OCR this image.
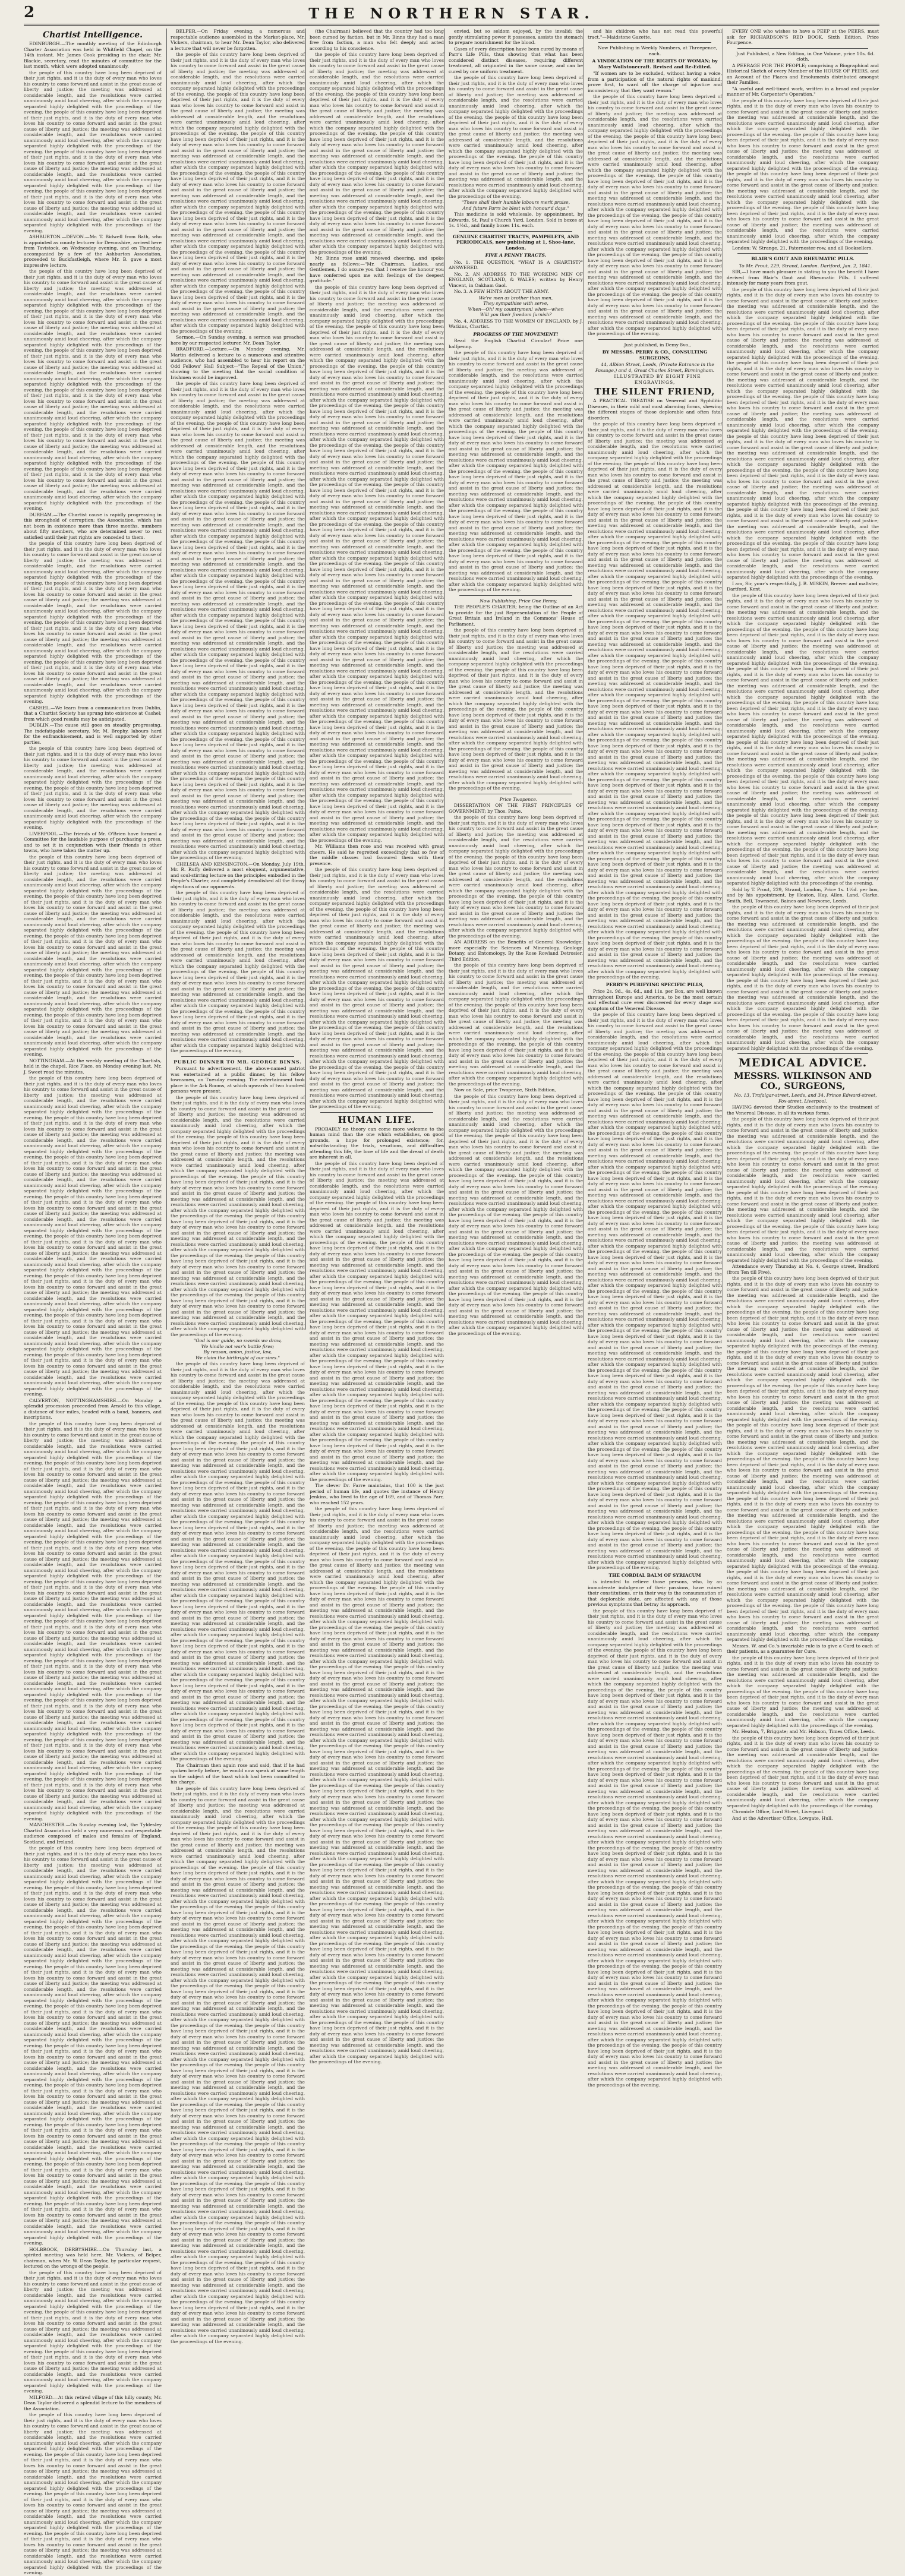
2	THE NORTHERN STAR.
Chartist Intelligence.

EDINBURGH.—The monthly meeting of the Edinburgh Charter Association was held in Whitfield Chapel, on the 14th instant. Mr. James Cook presiding in the chair. Mr. Blackie, secretary, read the minutes of committee for the last month, which were adopted unanimously.

the people of this country have long been deprived of their just rights, and it is the duty of every man who loves his country to come forward and assist in the great cause of liberty and justice; the meeting was addressed at considerable length, and the resolutions were carried unanimously amid loud cheering, after which the company separated highly delighted with the proceedings of the evening. the people of this country have long been deprived of their just rights, and it is the duty of every man who loves his country to come forward and assist in the great cause of liberty and justice; the meeting was addressed at considerable length, and the resolutions were carried unanimously amid loud cheering, after which the company separated highly delighted with the proceedings of the evening. the people of this country have long been deprived of their just rights, and it is the duty of every man who loves his country to come forward and assist in the great cause of liberty and justice; the meeting was addressed at considerable length, and the resolutions were carried unanimously amid loud cheering, after which the company separated highly delighted with the proceedings of the evening. the people of this country have long been deprived of their just rights, and it is the duty of every man who loves his country to come forward and assist in the great cause of liberty and justice; the meeting was addressed at considerable length, and the resolutions were carried unanimously amid loud cheering, after which the company separated highly delighted with the proceedings of the evening.

ASHBURTON.—DEVON.—Mr. T. Bidwell from Bath, who is appointed as county lecturer for Devonshire, arrived here from Tavistock, on Wednesday evening, and on Thursday, accompanied by a few of the Ashburton Association, proceeded to Buckfastleigh, where Mr. B. gave a most impressive lecture.

the people of this country have long been deprived of their just rights, and it is the duty of every man who loves his country to come forward and assist in the great cause of liberty and justice; the meeting was addressed at considerable length, and the resolutions were carried unanimously amid loud cheering, after which the company separated highly delighted with the proceedings of the evening. the people of this country have long been deprived of their just rights, and it is the duty of every man who loves his country to come forward and assist in the great cause of liberty and justice; the meeting was addressed at considerable length, and the resolutions were carried unanimously amid loud cheering, after which the company separated highly delighted with the proceedings of the evening. the people of this country have long been deprived of their just rights, and it is the duty of every man who loves his country to come forward and assist in the great cause of liberty and justice; the meeting was addressed at considerable length, and the resolutions were carried unanimously amid loud cheering, after which the company separated highly delighted with the proceedings of the evening. the people of this country have long been deprived of their just rights, and it is the duty of every man who loves his country to come forward and assist in the great cause of liberty and justice; the meeting was addressed at considerable length, and the resolutions were carried unanimously amid loud cheering, after which the company separated highly delighted with the proceedings of the evening. the people of this country have long been deprived of their just rights, and it is the duty of every man who loves his country to come forward and assist in the great cause of liberty and justice; the meeting was addressed at considerable length, and the resolutions were carried unanimously amid loud cheering, after which the company separated highly delighted with the proceedings of the evening. the people of this country have long been deprived of their just rights, and it is the duty of every man who loves his country to come forward and assist in the great cause of liberty and justice; the meeting was addressed at considerable length, and the resolutions were carried unanimously amid loud cheering, after which the company separated highly delighted with the proceedings of the evening.

DURHAM.—The Chartist cause is rapidly progressing in this stronghold of corruption; the Association, which has not been in existence more than three months, numbers about fifty members, who are determined never to rest satisfied until their just rights are conceded to them.

the people of this country have long been deprived of their just rights, and it is the duty of every man who loves his country to come forward and assist in the great cause of liberty and justice; the meeting was addressed at considerable length, and the resolutions were carried unanimously amid loud cheering, after which the company separated highly delighted with the proceedings of the evening. the people of this country have long been deprived of their just rights, and it is the duty of every man who loves his country to come forward and assist in the great cause of liberty and justice; the meeting was addressed at considerable length, and the resolutions were carried unanimously amid loud cheering, after which the company separated highly delighted with the proceedings of the evening. the people of this country have long been deprived of their just rights, and it is the duty of every man who loves his country to come forward and assist in the great cause of liberty and justice; the meeting was addressed at considerable length, and the resolutions were carried unanimously amid loud cheering, after which the company separated highly delighted with the proceedings of the evening. the people of this country have long been deprived of their just rights, and it is the duty of every man who loves his country to come forward and assist in the great cause of liberty and justice; the meeting was addressed at considerable length, and the resolutions were carried unanimously amid loud cheering, after which the company separated highly delighted with the proceedings of the evening.

CASHEL.—We learn from a communication from Dublin, that a Chartist Society has sprung into existence at Cashel; from which good results may be anticipated.

DUBLIN.—The cause still goes on steadily progressing. The indefatigable secretary, Mr. M. Brophy, labours hard for the enfranchisement, and is well supported by other parties.

the people of this country have long been deprived of their just rights, and it is the duty of every man who loves his country to come forward and assist in the great cause of liberty and justice; the meeting was addressed at considerable length, and the resolutions were carried unanimously amid loud cheering, after which the company separated highly delighted with the proceedings of the evening. the people of this country have long been deprived of their just rights, and it is the duty of every man who loves his country to come forward and assist in the great cause of liberty and justice; the meeting was addressed at considerable length, and the resolutions were carried unanimously amid loud cheering, after which the company separated highly delighted with the proceedings of the evening.

LIVERPOOL.—The friends of Mr. O'Brien have formed a Committee for the laudable purpose of purchasing a press, and to set it in conjunction with their friends in other towns, who have taken the matter up.

the people of this country have long been deprived of their just rights, and it is the duty of every man who loves his country to come forward and assist in the great cause of liberty and justice; the meeting was addressed at considerable length, and the resolutions were carried unanimously amid loud cheering, after which the company separated highly delighted with the proceedings of the evening. the people of this country have long been deprived of their just rights, and it is the duty of every man who loves his country to come forward and assist in the great cause of liberty and justice; the meeting was addressed at considerable length, and the resolutions were carried unanimously amid loud cheering, after which the company separated highly delighted with the proceedings of the evening. the people of this country have long been deprived of their just rights, and it is the duty of every man who loves his country to come forward and assist in the great cause of liberty and justice; the meeting was addressed at considerable length, and the resolutions were carried unanimously amid loud cheering, after which the company separated highly delighted with the proceedings of the evening. the people of this country have long been deprived of their just rights, and it is the duty of every man who loves his country to come forward and assist in the great cause of liberty and justice; the meeting was addressed at considerable length, and the resolutions were carried unanimously amid loud cheering, after which the company separated highly delighted with the proceedings of the evening. the people of this country have long been deprived of their just rights, and it is the duty of every man who loves his country to come forward and assist in the great cause of liberty and justice; the meeting was addressed at considerable length, and the resolutions were carried unanimously amid loud cheering, after which the company separated highly delighted with the proceedings of the evening.

NOTTINGHAM.—At the weekly meeting of the Chartists, held in the chapel, Rice Place, on Monday evening last, Mr. J. Sweet read the minutes.

the people of this country have long been deprived of their just rights, and it is the duty of every man who loves his country to come forward and assist in the great cause of liberty and justice; the meeting was addressed at considerable length, and the resolutions were carried unanimously amid loud cheering, after which the company separated highly delighted with the proceedings of the evening. the people of this country have long been deprived of their just rights, and it is the duty of every man who loves his country to come forward and assist in the great cause of liberty and justice; the meeting was addressed at considerable length, and the resolutions were carried unanimously amid loud cheering, after which the company separated highly delighted with the proceedings of the evening. the people of this country have long been deprived of their just rights, and it is the duty of every man who loves his country to come forward and assist in the great cause of liberty and justice; the meeting was addressed at considerable length, and the resolutions were carried unanimously amid loud cheering, after which the company separated highly delighted with the proceedings of the evening. the people of this country have long been deprived of their just rights, and it is the duty of every man who loves his country to come forward and assist in the great cause of liberty and justice; the meeting was addressed at considerable length, and the resolutions were carried unanimously amid loud cheering, after which the company separated highly delighted with the proceedings of the evening. the people of this country have long been deprived of their just rights, and it is the duty of every man who loves his country to come forward and assist in the great cause of liberty and justice; the meeting was addressed at considerable length, and the resolutions were carried unanimously amid loud cheering, after which the company separated highly delighted with the proceedings of the evening. the people of this country have long been deprived of their just rights, and it is the duty of every man who loves his country to come forward and assist in the great cause of liberty and justice; the meeting was addressed at considerable length, and the resolutions were carried unanimously amid loud cheering, after which the company separated highly delighted with the proceedings of the evening. the people of this country have long been deprived of their just rights, and it is the duty of every man who loves his country to come forward and assist in the great cause of liberty and justice; the meeting was addressed at considerable length, and the resolutions were carried unanimously amid loud cheering, after which the company separated highly delighted with the proceedings of the evening. the people of this country have long been deprived of their just rights, and it is the duty of every man who loves his country to come forward and assist in the great cause of liberty and justice; the meeting was addressed at considerable length, and the resolutions were carried unanimously amid loud cheering, after which the company separated highly delighted with the proceedings of the evening.

CALVERTON, NOTTINGHAMSHIRE.—On Monday a splendid procession proceeded from Arnold to this village, a distance of four miles, headed with a band, banners, and inscriptions.

the people of this country have long been deprived of their just rights, and it is the duty of every man who loves his country to come forward and assist in the great cause of liberty and justice; the meeting was addressed at considerable length, and the resolutions were carried unanimously amid loud cheering, after which the company separated highly delighted with the proceedings of the evening. the people of this country have long been deprived of their just rights, and it is the duty of every man who loves his country to come forward and assist in the great cause of liberty and justice; the meeting was addressed at considerable length, and the resolutions were carried unanimously amid loud cheering, after which the company separated highly delighted with the proceedings of the evening. the people of this country have long been deprived of their just rights, and it is the duty of every man who loves his country to come forward and assist in the great cause of liberty and justice; the meeting was addressed at considerable length, and the resolutions were carried unanimously amid loud cheering, after which the company separated highly delighted with the proceedings of the evening. the people of this country have long been deprived of their just rights, and it is the duty of every man who loves his country to come forward and assist in the great cause of liberty and justice; the meeting was addressed at considerable length, and the resolutions were carried unanimously amid loud cheering, after which the company separated highly delighted with the proceedings of the evening. the people of this country have long been deprived of their just rights, and it is the duty of every man who loves his country to come forward and assist in the great cause of liberty and justice; the meeting was addressed at considerable length, and the resolutions were carried unanimously amid loud cheering, after which the company separated highly delighted with the proceedings of the evening. the people of this country have long been deprived of their just rights, and it is the duty of every man who loves his country to come forward and assist in the great cause of liberty and justice; the meeting was addressed at considerable length, and the resolutions were carried unanimously amid loud cheering, after which the company separated highly delighted with the proceedings of the evening. the people of this country have long been deprived of their just rights, and it is the duty of every man who loves his country to come forward and assist in the great cause of liberty and justice; the meeting was addressed at considerable length, and the resolutions were carried unanimously amid loud cheering, after which the company separated highly delighted with the proceedings of the evening. the people of this country have long been deprived of their just rights, and it is the duty of every man who loves his country to come forward and assist in the great cause of liberty and justice; the meeting was addressed at considerable length, and the resolutions were carried unanimously amid loud cheering, after which the company separated highly delighted with the proceedings of the evening. the people of this country have long been deprived of their just rights, and it is the duty of every man who loves his country to come forward and assist in the great cause of liberty and justice; the meeting was addressed at considerable length, and the resolutions were carried unanimously amid loud cheering, after which the company separated highly delighted with the proceedings of the evening. the people of this country have long been deprived of their just rights, and it is the duty of every man who loves his country to come forward and assist in the great cause of liberty and justice; the meeting was addressed at considerable length, and the resolutions were carried unanimously amid loud cheering, after which the company separated highly delighted with the proceedings of the evening.

MANCHESTER.—On Sunday evening last, the Tyldesley Chartist Association held a very numerous and respectable audience composed of males and females of England, Scotland, and Ireland.

the people of this country have long been deprived of their just rights, and it is the duty of every man who loves his country to come forward and assist in the great cause of liberty and justice; the meeting was addressed at considerable length, and the resolutions were carried unanimously amid loud cheering, after which the company separated highly delighted with the proceedings of the evening. the people of this country have long been deprived of their just rights, and it is the duty of every man who loves his country to come forward and assist in the great cause of liberty and justice; the meeting was addressed at considerable length, and the resolutions were carried unanimously amid loud cheering, after which the company separated highly delighted with the proceedings of the evening. the people of this country have long been deprived of their just rights, and it is the duty of every man who loves his country to come forward and assist in the great cause of liberty and justice; the meeting was addressed at considerable length, and the resolutions were carried unanimously amid loud cheering, after which the company separated highly delighted with the proceedings of the evening. the people of this country have long been deprived of their just rights, and it is the duty of every man who loves his country to come forward and assist in the great cause of liberty and justice; the meeting was addressed at considerable length, and the resolutions were carried unanimously amid loud cheering, after which the company separated highly delighted with the proceedings of the evening. the people of this country have long been deprived of their just rights, and it is the duty of every man who loves his country to come forward and assist in the great cause of liberty and justice; the meeting was addressed at considerable length, and the resolutions were carried unanimously amid loud cheering, after which the company separated highly delighted with the proceedings of the evening. the people of this country have long been deprived of their just rights, and it is the duty of every man who loves his country to come forward and assist in the great cause of liberty and justice; the meeting was addressed at considerable length, and the resolutions were carried unanimously amid loud cheering, after which the company separated highly delighted with the proceedings of the evening. the people of this country have long been deprived of their just rights, and it is the duty of every man who loves his country to come forward and assist in the great cause of liberty and justice; the meeting was addressed at considerable length, and the resolutions were carried unanimously amid loud cheering, after which the company separated highly delighted with the proceedings of the evening. the people of this country have long been deprived of their just rights, and it is the duty of every man who loves his country to come forward and assist in the great cause of liberty and justice; the meeting was addressed at considerable length, and the resolutions were carried unanimously amid loud cheering, after which the company separated highly delighted with the proceedings of the evening. the people of this country have long been deprived of their just rights, and it is the duty of every man who loves his country to come forward and assist in the great cause of liberty and justice; the meeting was addressed at considerable length, and the resolutions were carried unanimously amid loud cheering, after which the company separated highly delighted with the proceedings of the evening. the people of this country have long been deprived of their just rights, and it is the duty of every man who loves his country to come forward and assist in the great cause of liberty and justice; the meeting was addressed at considerable length, and the resolutions were carried unanimously amid loud cheering, after which the company separated highly delighted with the proceedings of the evening.

HOLBROOK, DERBYSHIRE.—On Thursday last, a spirited meeting was held here, Mr. Vickers, of Belper, chairman, when Mr. W. Dean Taylor, by particular request, lectured on the wrongs of the people.

the people of this country have long been deprived of their just rights, and it is the duty of every man who loves his country to come forward and assist in the great cause of liberty and justice; the meeting was addressed at considerable length, and the resolutions were carried unanimously amid loud cheering, after which the company separated highly delighted with the proceedings of the evening. the people of this country have long been deprived of their just rights, and it is the duty of every man who loves his country to come forward and assist in the great cause of liberty and justice; the meeting was addressed at considerable length, and the resolutions were carried unanimously amid loud cheering, after which the company separated highly delighted with the proceedings of the evening. the people of this country have long been deprived of their just rights, and it is the duty of every man who loves his country to come forward and assist in the great cause of liberty and justice; the meeting was addressed at considerable length, and the resolutions were carried unanimously amid loud cheering, after which the company separated highly delighted with the proceedings of the evening.

MILFORD.—At this retired village of this hilly county, Mr. Dean Taylor delivered a splendid lecture to the members of the Association.

the people of this country have long been deprived of their just rights, and it is the duty of every man who loves his country to come forward and assist in the great cause of liberty and justice; the meeting was addressed at considerable length, and the resolutions were carried unanimously amid loud cheering, after which the company separated highly delighted with the proceedings of the evening. the people of this country have long been deprived of their just rights, and it is the duty of every man who loves his country to come forward and assist in the great cause of liberty and justice; the meeting was addressed at considerable length, and the resolutions were carried unanimously amid loud cheering, after which the company separated highly delighted with the proceedings of the evening. the people of this country have long been deprived of their just rights, and it is the duty of every man who loves his country to come forward and assist in the great cause of liberty and justice; the meeting was addressed at considerable length, and the resolutions were carried unanimously amid loud cheering, after which the company separated highly delighted with the proceedings of the evening. the people of this country have long been deprived of their just rights, and it is the duty of every man who loves his country to come forward and assist in the great cause of liberty and justice; the meeting was addressed at considerable length, and the resolutions were carried unanimously amid loud cheering, after which the company separated highly delighted with the proceedings of the evening.

BELPER.—On Friday evening, a numerous and respectable audience assembled in the Market-place, Mr. Vickers, chairman, to hear Mr. Dean Taylor, who delivered a lecture that will never be forgotten.

the people of this country have long been deprived of their just rights, and it is the duty of every man who loves his country to come forward and assist in the great cause of liberty and justice; the meeting was addressed at considerable length, and the resolutions were carried unanimously amid loud cheering, after which the company separated highly delighted with the proceedings of the evening. the people of this country have long been deprived of their just rights, and it is the duty of every man who loves his country to come forward and assist in the great cause of liberty and justice; the meeting was addressed at considerable length, and the resolutions were carried unanimously amid loud cheering, after which the company separated highly delighted with the proceedings of the evening. the people of this country have long been deprived of their just rights, and it is the duty of every man who loves his country to come forward and assist in the great cause of liberty and justice; the meeting was addressed at considerable length, and the resolutions were carried unanimously amid loud cheering, after which the company separated highly delighted with the proceedings of the evening. the people of this country have long been deprived of their just rights, and it is the duty of every man who loves his country to come forward and assist in the great cause of liberty and justice; the meeting was addressed at considerable length, and the resolutions were carried unanimously amid loud cheering, after which the company separated highly delighted with the proceedings of the evening. the people of this country have long been deprived of their just rights, and it is the duty of every man who loves his country to come forward and assist in the great cause of liberty and justice; the meeting was addressed at considerable length, and the resolutions were carried unanimously amid loud cheering, after which the company separated highly delighted with the proceedings of the evening. the people of this country have long been deprived of their just rights, and it is the duty of every man who loves his country to come forward and assist in the great cause of liberty and justice; the meeting was addressed at considerable length, and the resolutions were carried unanimously amid loud cheering, after which the company separated highly delighted with the proceedings of the evening. the people of this country have long been deprived of their just rights, and it is the duty of every man who loves his country to come forward and assist in the great cause of liberty and justice; the meeting was addressed at considerable length, and the resolutions were carried unanimously amid loud cheering, after which the company separated highly delighted with the proceedings of the evening.

Sermon.—On Sunday evening, a sermon was preached here by our respected lecturer, Mr. Dean Taylor.

BRADFORD.—Lecture.—On Monday evening, Mr. Martin delivered a lecture to a numerous and attentive audience, who had assembled to hear his report on the Odd Fellows' Hall Subject—"The Repeal of the Union," showing to the meeting that the social condition of Irishmen would be improved.

the people of this country have long been deprived of their just rights, and it is the duty of every man who loves his country to come forward and assist in the great cause of liberty and justice; the meeting was addressed at considerable length, and the resolutions were carried unanimously amid loud cheering, after which the company separated highly delighted with the proceedings of the evening. the people of this country have long been deprived of their just rights, and it is the duty of every man who loves his country to come forward and assist in the great cause of liberty and justice; the meeting was addressed at considerable length, and the resolutions were carried unanimously amid loud cheering, after which the company separated highly delighted with the proceedings of the evening. the people of this country have long been deprived of their just rights, and it is the duty of every man who loves his country to come forward and assist in the great cause of liberty and justice; the meeting was addressed at considerable length, and the resolutions were carried unanimously amid loud cheering, after which the company separated highly delighted with the proceedings of the evening. the people of this country have long been deprived of their just rights, and it is the duty of every man who loves his country to come forward and assist in the great cause of liberty and justice; the meeting was addressed at considerable length, and the resolutions were carried unanimously amid loud cheering, after which the company separated highly delighted with the proceedings of the evening. the people of this country have long been deprived of their just rights, and it is the duty of every man who loves his country to come forward and assist in the great cause of liberty and justice; the meeting was addressed at considerable length, and the resolutions were carried unanimously amid loud cheering, after which the company separated highly delighted with the proceedings of the evening. the people of this country have long been deprived of their just rights, and it is the duty of every man who loves his country to come forward and assist in the great cause of liberty and justice; the meeting was addressed at considerable length, and the resolutions were carried unanimously amid loud cheering, after which the company separated highly delighted with the proceedings of the evening. the people of this country have long been deprived of their just rights, and it is the duty of every man who loves his country to come forward and assist in the great cause of liberty and justice; the meeting was addressed at considerable length, and the resolutions were carried unanimously amid loud cheering, after which the company separated highly delighted with the proceedings of the evening. the people of this country have long been deprived of their just rights, and it is the duty of every man who loves his country to come forward and assist in the great cause of liberty and justice; the meeting was addressed at considerable length, and the resolutions were carried unanimously amid loud cheering, after which the company separated highly delighted with the proceedings of the evening. the people of this country have long been deprived of their just rights, and it is the duty of every man who loves his country to come forward and assist in the great cause of liberty and justice; the meeting was addressed at considerable length, and the resolutions were carried unanimously amid loud cheering, after which the company separated highly delighted with the proceedings of the evening. the people of this country have long been deprived of their just rights, and it is the duty of every man who loves his country to come forward and assist in the great cause of liberty and justice; the meeting was addressed at considerable length, and the resolutions were carried unanimously amid loud cheering, after which the company separated highly delighted with the proceedings of the evening. the people of this country have long been deprived of their just rights, and it is the duty of every man who loves his country to come forward and assist in the great cause of liberty and justice; the meeting was addressed at considerable length, and the resolutions were carried unanimously amid loud cheering, after which the company separated highly delighted with the proceedings of the evening. the people of this country have long been deprived of their just rights, and it is the duty of every man who loves his country to come forward and assist in the great cause of liberty and justice; the meeting was addressed at considerable length, and the resolutions were carried unanimously amid loud cheering, after which the company separated highly delighted with the proceedings of the evening.

CHELSEA AND KENSINGTON.—On Monday, July 19th, Mr. R. Ruffy delivered a most eloquent, argumentative, and soul-stirring lecture on the principles embodied in the People's Charter, and completely demolished all the flimsy objections of our opponents.

the people of this country have long been deprived of their just rights, and it is the duty of every man who loves his country to come forward and assist in the great cause of liberty and justice; the meeting was addressed at considerable length, and the resolutions were carried unanimously amid loud cheering, after which the company separated highly delighted with the proceedings of the evening. the people of this country have long been deprived of their just rights, and it is the duty of every man who loves his country to come forward and assist in the great cause of liberty and justice; the meeting was addressed at considerable length, and the resolutions were carried unanimously amid loud cheering, after which the company separated highly delighted with the proceedings of the evening. the people of this country have long been deprived of their just rights, and it is the duty of every man who loves his country to come forward and assist in the great cause of liberty and justice; the meeting was addressed at considerable length, and the resolutions were carried unanimously amid loud cheering, after which the company separated highly delighted with the proceedings of the evening. the people of this country have long been deprived of their just rights, and it is the duty of every man who loves his country to come forward and assist in the great cause of liberty and justice; the meeting was addressed at considerable length, and the resolutions were carried unanimously amid loud cheering, after which the company separated highly delighted with the proceedings of the evening.

PUBLIC DINNER TO MR. GEORGE BINNS.

Pursuant to advertisement, the above-named patriot was entertained at a public dinner, by his fellow townsmen, on Tuesday evening. The entertainment took place in the Ark Rooms, at which upwards of two hundred persons were present.

the people of this country have long been deprived of their just rights, and it is the duty of every man who loves his country to come forward and assist in the great cause of liberty and justice; the meeting was addressed at considerable length, and the resolutions were carried unanimously amid loud cheering, after which the company separated highly delighted with the proceedings of the evening. the people of this country have long been deprived of their just rights, and it is the duty of every man who loves his country to come forward and assist in the great cause of liberty and justice; the meeting was addressed at considerable length, and the resolutions were carried unanimously amid loud cheering, after which the company separated highly delighted with the proceedings of the evening. the people of this country have long been deprived of their just rights, and it is the duty of every man who loves his country to come forward and assist in the great cause of liberty and justice; the meeting was addressed at considerable length, and the resolutions were carried unanimously amid loud cheering, after which the company separated highly delighted with the proceedings of the evening. the people of this country have long been deprived of their just rights, and it is the duty of every man who loves his country to come forward and assist in the great cause of liberty and justice; the meeting was addressed at considerable length, and the resolutions were carried unanimously amid loud cheering, after which the company separated highly delighted with the proceedings of the evening. the people of this country have long been deprived of their just rights, and it is the duty of every man who loves his country to come forward and assist in the great cause of liberty and justice; the meeting was addressed at considerable length, and the resolutions were carried unanimously amid loud cheering, after which the company separated highly delighted with the proceedings of the evening. the people of this country have long been deprived of their just rights, and it is the duty of every man who loves his country to come forward and assist in the great cause of liberty and justice; the meeting was addressed at considerable length, and the resolutions were carried unanimously amid loud cheering, after which the company separated highly delighted with the proceedings of the evening.

"God is our guide, no swords we draw,
We kindle not war's battle fires;
By reason, union, justice, law,
We claim the birthright of our sires."

the people of this country have long been deprived of their just rights, and it is the duty of every man who loves his country to come forward and assist in the great cause of liberty and justice; the meeting was addressed at considerable length, and the resolutions were carried unanimously amid loud cheering, after which the company separated highly delighted with the proceedings of the evening. the people of this country have long been deprived of their just rights, and it is the duty of every man who loves his country to come forward and assist in the great cause of liberty and justice; the meeting was addressed at considerable length, and the resolutions were carried unanimously amid loud cheering, after which the company separated highly delighted with the proceedings of the evening. the people of this country have long been deprived of their just rights, and it is the duty of every man who loves his country to come forward and assist in the great cause of liberty and justice; the meeting was addressed at considerable length, and the resolutions were carried unanimously amid loud cheering, after which the company separated highly delighted with the proceedings of the evening. the people of this country have long been deprived of their just rights, and it is the duty of every man who loves his country to come forward and assist in the great cause of liberty and justice; the meeting was addressed at considerable length, and the resolutions were carried unanimously amid loud cheering, after which the company separated highly delighted with the proceedings of the evening. the people of this country have long been deprived of their just rights, and it is the duty of every man who loves his country to come forward and assist in the great cause of liberty and justice; the meeting was addressed at considerable length, and the resolutions were carried unanimously amid loud cheering, after which the company separated highly delighted with the proceedings of the evening. the people of this country have long been deprived of their just rights, and it is the duty of every man who loves his country to come forward and assist in the great cause of liberty and justice; the meeting was addressed at considerable length, and the resolutions were carried unanimously amid loud cheering, after which the company separated highly delighted with the proceedings of the evening. the people of this country have long been deprived of their just rights, and it is the duty of every man who loves his country to come forward and assist in the great cause of liberty and justice; the meeting was addressed at considerable length, and the resolutions were carried unanimously amid loud cheering, after which the company separated highly delighted with the proceedings of the evening. the people of this country have long been deprived of their just rights, and it is the duty of every man who loves his country to come forward and assist in the great cause of liberty and justice; the meeting was addressed at considerable length, and the resolutions were carried unanimously amid loud cheering, after which the company separated highly delighted with the proceedings of the evening. the people of this country have long been deprived of their just rights, and it is the duty of every man who loves his country to come forward and assist in the great cause of liberty and justice; the meeting was addressed at considerable length, and the resolutions were carried unanimously amid loud cheering, after which the company separated highly delighted with the proceedings of the evening. the people of this country have long been deprived of their just rights, and it is the duty of every man who loves his country to come forward and assist in the great cause of liberty and justice; the meeting was addressed at considerable length, and the resolutions were carried unanimously amid loud cheering, after which the company separated highly delighted with the proceedings of the evening.

The Chairman then again rose and said, that if he had spoken briefly before, he would now speak at some length on the subject of the toast which had been committed to his charge.

the people of this country have long been deprived of their just rights, and it is the duty of every man who loves his country to come forward and assist in the great cause of liberty and justice; the meeting was addressed at considerable length, and the resolutions were carried unanimously amid loud cheering, after which the company separated highly delighted with the proceedings of the evening. the people of this country have long been deprived of their just rights, and it is the duty of every man who loves his country to come forward and assist in the great cause of liberty and justice; the meeting was addressed at considerable length, and the resolutions were carried unanimously amid loud cheering, after which the company separated highly delighted with the proceedings of the evening. the people of this country have long been deprived of their just rights, and it is the duty of every man who loves his country to come forward and assist in the great cause of liberty and justice; the meeting was addressed at considerable length, and the resolutions were carried unanimously amid loud cheering, after which the company separated highly delighted with the proceedings of the evening. the people of this country have long been deprived of their just rights, and it is the duty of every man who loves his country to come forward and assist in the great cause of liberty and justice; the meeting was addressed at considerable length, and the resolutions were carried unanimously amid loud cheering, after which the company separated highly delighted with the proceedings of the evening. the people of this country have long been deprived of their just rights, and it is the duty of every man who loves his country to come forward and assist in the great cause of liberty and justice; the meeting was addressed at considerable length, and the resolutions were carried unanimously amid loud cheering, after which the company separated highly delighted with the proceedings of the evening. the people of this country have long been deprived of their just rights, and it is the duty of every man who loves his country to come forward and assist in the great cause of liberty and justice; the meeting was addressed at considerable length, and the resolutions were carried unanimously amid loud cheering, after which the company separated highly delighted with the proceedings of the evening. the people of this country have long been deprived of their just rights, and it is the duty of every man who loves his country to come forward and assist in the great cause of liberty and justice; the meeting was addressed at considerable length, and the resolutions were carried unanimously amid loud cheering, after which the company separated highly delighted with the proceedings of the evening. the people of this country have long been deprived of their just rights, and it is the duty of every man who loves his country to come forward and assist in the great cause of liberty and justice; the meeting was addressed at considerable length, and the resolutions were carried unanimously amid loud cheering, after which the company separated highly delighted with the proceedings of the evening. the people of this country have long been deprived of their just rights, and it is the duty of every man who loves his country to come forward and assist in the great cause of liberty and justice; the meeting was addressed at considerable length, and the resolutions were carried unanimously amid loud cheering, after which the company separated highly delighted with the proceedings of the evening. the people of this country have long been deprived of their just rights, and it is the duty of every man who loves his country to come forward and assist in the great cause of liberty and justice; the meeting was addressed at considerable length, and the resolutions were carried unanimously amid loud cheering, after which the company separated highly delighted with the proceedings of the evening. the people of this country have long been deprived of their just rights, and it is the duty of every man who loves his country to come forward and assist in the great cause of liberty and justice; the meeting was addressed at considerable length, and the resolutions were carried unanimously amid loud cheering, after which the company separated highly delighted with the proceedings of the evening. the people of this country have long been deprived of their just rights, and it is the duty of every man who loves his country to come forward and assist in the great cause of liberty and justice; the meeting was addressed at considerable length, and the resolutions were carried unanimously amid loud cheering, after which the company separated highly delighted with the proceedings of the evening. the people of this country have long been deprived of their just rights, and it is the duty of every man who loves his country to come forward and assist in the great cause of liberty and justice; the meeting was addressed at considerable length, and the resolutions were carried unanimously amid loud cheering, after which the company separated highly delighted with the proceedings of the evening. the people of this country have long been deprived of their just rights, and it is the duty of every man who loves his country to come forward and assist in the great cause of liberty and justice; the meeting was addressed at considerable length, and the resolutions were carried unanimously amid loud cheering, after which the company separated highly delighted with the proceedings of the evening.

(the Chairman) believed that the country had too long been cursed by faction, but in Mr. Binns they had a man free from faction, a man who felt deeply and acted according to his conscience.

the people of this country have long been deprived of their just rights, and it is the duty of every man who loves his country to come forward and assist in the great cause of liberty and justice; the meeting was addressed at considerable length, and the resolutions were carried unanimously amid loud cheering, after which the company separated highly delighted with the proceedings of the evening. the people of this country have long been deprived of their just rights, and it is the duty of every man who loves his country to come forward and assist in the great cause of liberty and justice; the meeting was addressed at considerable length, and the resolutions were carried unanimously amid loud cheering, after which the company separated highly delighted with the proceedings of the evening. the people of this country have long been deprived of their just rights, and it is the duty of every man who loves his country to come forward and assist in the great cause of liberty and justice; the meeting was addressed at considerable length, and the resolutions were carried unanimously amid loud cheering, after which the company separated highly delighted with the proceedings of the evening. the people of this country have long been deprived of their just rights, and it is the duty of every man who loves his country to come forward and assist in the great cause of liberty and justice; the meeting was addressed at considerable length, and the resolutions were carried unanimously amid loud cheering, after which the company separated highly delighted with the proceedings of the evening. the people of this country have long been deprived of their just rights, and it is the duty of every man who loves his country to come forward and assist in the great cause of liberty and justice; the meeting was addressed at considerable length, and the resolutions were carried unanimously amid loud cheering, after which the company separated highly delighted with the proceedings of the evening.

Mr. Binns rose amid renewed cheering, and spoke nearly as follows:—"Mr. Chairman, Ladies, and Gentlemen, I do assure you that I receive the honour you have conferred upon me with feelings of the deepest gratitude."

the people of this country have long been deprived of their just rights, and it is the duty of every man who loves his country to come forward and assist in the great cause of liberty and justice; the meeting was addressed at considerable length, and the resolutions were carried unanimously amid loud cheering, after which the company separated highly delighted with the proceedings of the evening. the people of this country have long been deprived of their just rights, and it is the duty of every man who loves his country to come forward and assist in the great cause of liberty and justice; the meeting was addressed at considerable length, and the resolutions were carried unanimously amid loud cheering, after which the company separated highly delighted with the proceedings of the evening. the people of this country have long been deprived of their just rights, and it is the duty of every man who loves his country to come forward and assist in the great cause of liberty and justice; the meeting was addressed at considerable length, and the resolutions were carried unanimously amid loud cheering, after which the company separated highly delighted with the proceedings of the evening. the people of this country have long been deprived of their just rights, and it is the duty of every man who loves his country to come forward and assist in the great cause of liberty and justice; the meeting was addressed at considerable length, and the resolutions were carried unanimously amid loud cheering, after which the company separated highly delighted with the proceedings of the evening. the people of this country have long been deprived of their just rights, and it is the duty of every man who loves his country to come forward and assist in the great cause of liberty and justice; the meeting was addressed at considerable length, and the resolutions were carried unanimously amid loud cheering, after which the company separated highly delighted with the proceedings of the evening. the people of this country have long been deprived of their just rights, and it is the duty of every man who loves his country to come forward and assist in the great cause of liberty and justice; the meeting was addressed at considerable length, and the resolutions were carried unanimously amid loud cheering, after which the company separated highly delighted with the proceedings of the evening. the people of this country have long been deprived of their just rights, and it is the duty of every man who loves his country to come forward and assist in the great cause of liberty and justice; the meeting was addressed at considerable length, and the resolutions were carried unanimously amid loud cheering, after which the company separated highly delighted with the proceedings of the evening. the people of this country have long been deprived of their just rights, and it is the duty of every man who loves his country to come forward and assist in the great cause of liberty and justice; the meeting was addressed at considerable length, and the resolutions were carried unanimously amid loud cheering, after which the company separated highly delighted with the proceedings of the evening. the people of this country have long been deprived of their just rights, and it is the duty of every man who loves his country to come forward and assist in the great cause of liberty and justice; the meeting was addressed at considerable length, and the resolutions were carried unanimously amid loud cheering, after which the company separated highly delighted with the proceedings of the evening. the people of this country have long been deprived of their just rights, and it is the duty of every man who loves his country to come forward and assist in the great cause of liberty and justice; the meeting was addressed at considerable length, and the resolutions were carried unanimously amid loud cheering, after which the company separated highly delighted with the proceedings of the evening. the people of this country have long been deprived of their just rights, and it is the duty of every man who loves his country to come forward and assist in the great cause of liberty and justice; the meeting was addressed at considerable length, and the resolutions were carried unanimously amid loud cheering, after which the company separated highly delighted with the proceedings of the evening. the people of this country have long been deprived of their just rights, and it is the duty of every man who loves his country to come forward and assist in the great cause of liberty and justice; the meeting was addressed at considerable length, and the resolutions were carried unanimously amid loud cheering, after which the company separated highly delighted with the proceedings of the evening. the people of this country have long been deprived of their just rights, and it is the duty of every man who loves his country to come forward and assist in the great cause of liberty and justice; the meeting was addressed at considerable length, and the resolutions were carried unanimously amid loud cheering, after which the company separated highly delighted with the proceedings of the evening. the people of this country have long been deprived of their just rights, and it is the duty of every man who loves his country to come forward and assist in the great cause of liberty and justice; the meeting was addressed at considerable length, and the resolutions were carried unanimously amid loud cheering, after which the company separated highly delighted with the proceedings of the evening.

Mr. Williams then rose and was received with great cheers. He said he regretted exceedingly that so few of the middle classes had favoured them with their presence.

the people of this country have long been deprived of their just rights, and it is the duty of every man who loves his country to come forward and assist in the great cause of liberty and justice; the meeting was addressed at considerable length, and the resolutions were carried unanimously amid loud cheering, after which the company separated highly delighted with the proceedings of the evening. the people of this country have long been deprived of their just rights, and it is the duty of every man who loves his country to come forward and assist in the great cause of liberty and justice; the meeting was addressed at considerable length, and the resolutions were carried unanimously amid loud cheering, after which the company separated highly delighted with the proceedings of the evening. the people of this country have long been deprived of their just rights, and it is the duty of every man who loves his country to come forward and assist in the great cause of liberty and justice; the meeting was addressed at considerable length, and the resolutions were carried unanimously amid loud cheering, after which the company separated highly delighted with the proceedings of the evening. the people of this country have long been deprived of their just rights, and it is the duty of every man who loves his country to come forward and assist in the great cause of liberty and justice; the meeting was addressed at considerable length, and the resolutions were carried unanimously amid loud cheering, after which the company separated highly delighted with the proceedings of the evening. the people of this country have long been deprived of their just rights, and it is the duty of every man who loves his country to come forward and assist in the great cause of liberty and justice; the meeting was addressed at considerable length, and the resolutions were carried unanimously amid loud cheering, after which the company separated highly delighted with the proceedings of the evening. the people of this country have long been deprived of their just rights, and it is the duty of every man who loves his country to come forward and assist in the great cause of liberty and justice; the meeting was addressed at considerable length, and the resolutions were carried unanimously amid loud cheering, after which the company separated highly delighted with the proceedings of the evening.

HUMAN LIFE.

PROBABLY no theory can come more welcome to the human mind than the one which establishes, on good grounds, a hope for prolonged existence; for, notwithstanding the trials, vexations, and difficulties attending this life, the love of life and the dread of death are inherent in all.

the people of this country have long been deprived of their just rights, and it is the duty of every man who loves his country to come forward and assist in the great cause of liberty and justice; the meeting was addressed at considerable length, and the resolutions were carried unanimously amid loud cheering, after which the company separated highly delighted with the proceedings of the evening. the people of this country have long been deprived of their just rights, and it is the duty of every man who loves his country to come forward and assist in the great cause of liberty and justice; the meeting was addressed at considerable length, and the resolutions were carried unanimously amid loud cheering, after which the company separated highly delighted with the proceedings of the evening. the people of this country have long been deprived of their just rights, and it is the duty of every man who loves his country to come forward and assist in the great cause of liberty and justice; the meeting was addressed at considerable length, and the resolutions were carried unanimously amid loud cheering, after which the company separated highly delighted with the proceedings of the evening. the people of this country have long been deprived of their just rights, and it is the duty of every man who loves his country to come forward and assist in the great cause of liberty and justice; the meeting was addressed at considerable length, and the resolutions were carried unanimously amid loud cheering, after which the company separated highly delighted with the proceedings of the evening. the people of this country have long been deprived of their just rights, and it is the duty of every man who loves his country to come forward and assist in the great cause of liberty and justice; the meeting was addressed at considerable length, and the resolutions were carried unanimously amid loud cheering, after which the company separated highly delighted with the proceedings of the evening. the people of this country have long been deprived of their just rights, and it is the duty of every man who loves his country to come forward and assist in the great cause of liberty and justice; the meeting was addressed at considerable length, and the resolutions were carried unanimously amid loud cheering, after which the company separated highly delighted with the proceedings of the evening. the people of this country have long been deprived of their just rights, and it is the duty of every man who loves his country to come forward and assist in the great cause of liberty and justice; the meeting was addressed at considerable length, and the resolutions were carried unanimously amid loud cheering, after which the company separated highly delighted with the proceedings of the evening. the people of this country have long been deprived of their just rights, and it is the duty of every man who loves his country to come forward and assist in the great cause of liberty and justice; the meeting was addressed at considerable length, and the resolutions were carried unanimously amid loud cheering, after which the company separated highly delighted with the proceedings of the evening.

The clever Dr. Farre maintains, that 100 is the just period of human life, and quotes the instance of Henry Jenkins, who lived to the age of 169, and of Thomas Parr, who reached 152 years.

the people of this country have long been deprived of their just rights, and it is the duty of every man who loves his country to come forward and assist in the great cause of liberty and justice; the meeting was addressed at considerable length, and the resolutions were carried unanimously amid loud cheering, after which the company separated highly delighted with the proceedings of the evening. the people of this country have long been deprived of their just rights, and it is the duty of every man who loves his country to come forward and assist in the great cause of liberty and justice; the meeting was addressed at considerable length, and the resolutions were carried unanimously amid loud cheering, after which the company separated highly delighted with the proceedings of the evening. the people of this country have long been deprived of their just rights, and it is the duty of every man who loves his country to come forward and assist in the great cause of liberty and justice; the meeting was addressed at considerable length, and the resolutions were carried unanimously amid loud cheering, after which the company separated highly delighted with the proceedings of the evening. the people of this country have long been deprived of their just rights, and it is the duty of every man who loves his country to come forward and assist in the great cause of liberty and justice; the meeting was addressed at considerable length, and the resolutions were carried unanimously amid loud cheering, after which the company separated highly delighted with the proceedings of the evening. the people of this country have long been deprived of their just rights, and it is the duty of every man who loves his country to come forward and assist in the great cause of liberty and justice; the meeting was addressed at considerable length, and the resolutions were carried unanimously amid loud cheering, after which the company separated highly delighted with the proceedings of the evening. the people of this country have long been deprived of their just rights, and it is the duty of every man who loves his country to come forward and assist in the great cause of liberty and justice; the meeting was addressed at considerable length, and the resolutions were carried unanimously amid loud cheering, after which the company separated highly delighted with the proceedings of the evening. the people of this country have long been deprived of their just rights, and it is the duty of every man who loves his country to come forward and assist in the great cause of liberty and justice; the meeting was addressed at considerable length, and the resolutions were carried unanimously amid loud cheering, after which the company separated highly delighted with the proceedings of the evening. the people of this country have long been deprived of their just rights, and it is the duty of every man who loves his country to come forward and assist in the great cause of liberty and justice; the meeting was addressed at considerable length, and the resolutions were carried unanimously amid loud cheering, after which the company separated highly delighted with the proceedings of the evening. the people of this country have long been deprived of their just rights, and it is the duty of every man who loves his country to come forward and assist in the great cause of liberty and justice; the meeting was addressed at considerable length, and the resolutions were carried unanimously amid loud cheering, after which the company separated highly delighted with the proceedings of the evening. the people of this country have long been deprived of their just rights, and it is the duty of every man who loves his country to come forward and assist in the great cause of liberty and justice; the meeting was addressed at considerable length, and the resolutions were carried unanimously amid loud cheering, after which the company separated highly delighted with the proceedings of the evening. the people of this country have long been deprived of their just rights, and it is the duty of every man who loves his country to come forward and assist in the great cause of liberty and justice; the meeting was addressed at considerable length, and the resolutions were carried unanimously amid loud cheering, after which the company separated highly delighted with the proceedings of the evening. the people of this country have long been deprived of their just rights, and it is the duty of every man who loves his country to come forward and assist in the great cause of liberty and justice; the meeting was addressed at considerable length, and the resolutions were carried unanimously amid loud cheering, after which the company separated highly delighted with the proceedings of the evening. the people of this country have long been deprived of their just rights, and it is the duty of every man who loves his country to come forward and assist in the great cause of liberty and justice; the meeting was addressed at considerable length, and the resolutions were carried unanimously amid loud cheering, after which the company separated highly delighted with the proceedings of the evening. the people of this country have long been deprived of their just rights, and it is the duty of every man who loves his country to come forward and assist in the great cause of liberty and justice; the meeting was addressed at considerable length, and the resolutions were carried unanimously amid loud cheering, after which the company separated highly delighted with the proceedings of the evening.

envied, but so seldom enjoyed, by the invalid; the gently stimulating power it possesses, assists the stomach to prepare nourishment for the blood.

Cases of every description have been cured by means of Parr's Life Pills, thus showing that what has been considered distinct diseases, requiring different treatment, all originated in the same cause, and can be cured by one uniform treatment.

the people of this country have long been deprived of their just rights, and it is the duty of every man who loves his country to come forward and assist in the great cause of liberty and justice; the meeting was addressed at considerable length, and the resolutions were carried unanimously amid loud cheering, after which the company separated highly delighted with the proceedings of the evening. the people of this country have long been deprived of their just rights, and it is the duty of every man who loves his country to come forward and assist in the great cause of liberty and justice; the meeting was addressed at considerable length, and the resolutions were carried unanimously amid loud cheering, after which the company separated highly delighted with the proceedings of the evening. the people of this country have long been deprived of their just rights, and it is the duty of every man who loves his country to come forward and assist in the great cause of liberty and justice; the meeting was addressed at considerable length, and the resolutions were carried unanimously amid loud cheering, after which the company separated highly delighted with the proceedings of the evening.

"These shall their humble labours merit praise,
And future Parrs be blest with honour'd days."

This medicine is sold wholesale, by appointment, by Edwards, St. Paul's Church Yard, London. Sold in boxes at 1s. 1½d., and family boxes 11s. each.

GENUINE CHARTIST TRACTS, PAMPHLETS, AND PERIODICALS, now publishing at 1, Shoe-lane, London.
FIVE A PENNY TRACTS.

No. 1. THE QUESTION, "WHAT IS A CHARTIST?" ANSWERED.

No. 2. AN ADDRESS TO THE WORKING MEN OF ENGLAND, SCOTLAND, & WALES; written by Henry Vincent, in Oakham Gaol.

No. 3. A FEW HINTS ABOUT THE ARMY.

We're men as brother than men,
They sympathise with serve,
When—Oh! my countrymen! when—when
Will you their freedom furnish?

No. 4. ADDRESS TO THE WOMEN OF ENGLAND, by J. Watkins, Chartist.

PROGRESS OF THE MOVEMENT!

Read the English Chartist Circular! Price one halfpenny.

the people of this country have long been deprived of their just rights, and it is the duty of every man who loves his country to come forward and assist in the great cause of liberty and justice; the meeting was addressed at considerable length, and the resolutions were carried unanimously amid loud cheering, after which the company separated highly delighted with the proceedings of the evening. the people of this country have long been deprived of their just rights, and it is the duty of every man who loves his country to come forward and assist in the great cause of liberty and justice; the meeting was addressed at considerable length, and the resolutions were carried unanimously amid loud cheering, after which the company separated highly delighted with the proceedings of the evening. the people of this country have long been deprived of their just rights, and it is the duty of every man who loves his country to come forward and assist in the great cause of liberty and justice; the meeting was addressed at considerable length, and the resolutions were carried unanimously amid loud cheering, after which the company separated highly delighted with the proceedings of the evening. the people of this country have long been deprived of their just rights, and it is the duty of every man who loves his country to come forward and assist in the great cause of liberty and justice; the meeting was addressed at considerable length, and the resolutions were carried unanimously amid loud cheering, after which the company separated highly delighted with the proceedings of the evening. the people of this country have long been deprived of their just rights, and it is the duty of every man who loves his country to come forward and assist in the great cause of liberty and justice; the meeting was addressed at considerable length, and the resolutions were carried unanimously amid loud cheering, after which the company separated highly delighted with the proceedings of the evening. the people of this country have long been deprived of their just rights, and it is the duty of every man who loves his country to come forward and assist in the great cause of liberty and justice; the meeting was addressed at considerable length, and the resolutions were carried unanimously amid loud cheering, after which the company separated highly delighted with the proceedings of the evening.

Now Publishing, Price One Penny.

THE PEOPLE'S CHARTER; being the Outline of an Act to provide for the just Representation of the People of Great Britain and Ireland in the Commons' House of Parliament.

the people of this country have long been deprived of their just rights, and it is the duty of every man who loves his country to come forward and assist in the great cause of liberty and justice; the meeting was addressed at considerable length, and the resolutions were carried unanimously amid loud cheering, after which the company separated highly delighted with the proceedings of the evening. the people of this country have long been deprived of their just rights, and it is the duty of every man who loves his country to come forward and assist in the great cause of liberty and justice; the meeting was addressed at considerable length, and the resolutions were carried unanimously amid loud cheering, after which the company separated highly delighted with the proceedings of the evening. the people of this country have long been deprived of their just rights, and it is the duty of every man who loves his country to come forward and assist in the great cause of liberty and justice; the meeting was addressed at considerable length, and the resolutions were carried unanimously amid loud cheering, after which the company separated highly delighted with the proceedings of the evening. the people of this country have long been deprived of their just rights, and it is the duty of every man who loves his country to come forward and assist in the great cause of liberty and justice; the meeting was addressed at considerable length, and the resolutions were carried unanimously amid loud cheering, after which the company separated highly delighted with the proceedings of the evening.

Price Twopence.

DISSERTATION ON THE FIRST PRINCIPLES OF GOVERNMENT; by Thos. Paine.

the people of this country have long been deprived of their just rights, and it is the duty of every man who loves his country to come forward and assist in the great cause of liberty and justice; the meeting was addressed at considerable length, and the resolutions were carried unanimously amid loud cheering, after which the company separated highly delighted with the proceedings of the evening. the people of this country have long been deprived of their just rights, and it is the duty of every man who loves his country to come forward and assist in the great cause of liberty and justice; the meeting was addressed at considerable length, and the resolutions were carried unanimously amid loud cheering, after which the company separated highly delighted with the proceedings of the evening. the people of this country have long been deprived of their just rights, and it is the duty of every man who loves his country to come forward and assist in the great cause of liberty and justice; the meeting was addressed at considerable length, and the resolutions were carried unanimously amid loud cheering, after which the company separated highly delighted with the proceedings of the evening.

AN ADDRESS on the Benefits of General Knowledge; more especially the Sciences of Mineralogy, Geology, Botany, and Entomology. By the Rose Rowland Detrosier. Third Edition.

the people of this country have long been deprived of their just rights, and it is the duty of every man who loves his country to come forward and assist in the great cause of liberty and justice; the meeting was addressed at considerable length, and the resolutions were carried unanimously amid loud cheering, after which the company separated highly delighted with the proceedings of the evening. the people of this country have long been deprived of their just rights, and it is the duty of every man who loves his country to come forward and assist in the great cause of liberty and justice; the meeting was addressed at considerable length, and the resolutions were carried unanimously amid loud cheering, after which the company separated highly delighted with the proceedings of the evening. the people of this country have long been deprived of their just rights, and it is the duty of every man who loves his country to come forward and assist in the great cause of liberty and justice; the meeting was addressed at considerable length, and the resolutions were carried unanimously amid loud cheering, after which the company separated highly delighted with the proceedings of the evening.

Now on Sale, price Twopence, Sixth Edition,

the people of this country have long been deprived of their just rights, and it is the duty of every man who loves his country to come forward and assist in the great cause of liberty and justice; the meeting was addressed at considerable length, and the resolutions were carried unanimously amid loud cheering, after which the company separated highly delighted with the proceedings of the evening. the people of this country have long been deprived of their just rights, and it is the duty of every man who loves his country to come forward and assist in the great cause of liberty and justice; the meeting was addressed at considerable length, and the resolutions were carried unanimously amid loud cheering, after which the company separated highly delighted with the proceedings of the evening. the people of this country have long been deprived of their just rights, and it is the duty of every man who loves his country to come forward and assist in the great cause of liberty and justice; the meeting was addressed at considerable length, and the resolutions were carried unanimously amid loud cheering, after which the company separated highly delighted with the proceedings of the evening. the people of this country have long been deprived of their just rights, and it is the duty of every man who loves his country to come forward and assist in the great cause of liberty and justice; the meeting was addressed at considerable length, and the resolutions were carried unanimously amid loud cheering, after which the company separated highly delighted with the proceedings of the evening. the people of this country have long been deprived of their just rights, and it is the duty of every man who loves his country to come forward and assist in the great cause of liberty and justice; the meeting was addressed at considerable length, and the resolutions were carried unanimously amid loud cheering, after which the company separated highly delighted with the proceedings of the evening. the people of this country have long been deprived of their just rights, and it is the duty of every man who loves his country to come forward and assist in the great cause of liberty and justice; the meeting was addressed at considerable length, and the resolutions were carried unanimously amid loud cheering, after which the company separated highly delighted with the proceedings of the evening.

and his children who has not read this powerful tract."—Maidstone Gazette.

Now Publishing in Weekly Numbers, at Threepence, each.

A VINDICATION OF THE RIGHTS OF WOMAN; by Mary Wollstonecraft. Revised and Re-Edited.

"If women are to be excluded, without having a voice, from a participation of the natural rights of mankind, prove first, to ward off the charge of injustice and inconsistency, that they want reason."

the people of this country have long been deprived of their just rights, and it is the duty of every man who loves his country to come forward and assist in the great cause of liberty and justice; the meeting was addressed at considerable length, and the resolutions were carried unanimously amid loud cheering, after which the company separated highly delighted with the proceedings of the evening. the people of this country have long been deprived of their just rights, and it is the duty of every man who loves his country to come forward and assist in the great cause of liberty and justice; the meeting was addressed at considerable length, and the resolutions were carried unanimously amid loud cheering, after which the company separated highly delighted with the proceedings of the evening. the people of this country have long been deprived of their just rights, and it is the duty of every man who loves his country to come forward and assist in the great cause of liberty and justice; the meeting was addressed at considerable length, and the resolutions were carried unanimously amid loud cheering, after which the company separated highly delighted with the proceedings of the evening. the people of this country have long been deprived of their just rights, and it is the duty of every man who loves his country to come forward and assist in the great cause of liberty and justice; the meeting was addressed at considerable length, and the resolutions were carried unanimously amid loud cheering, after which the company separated highly delighted with the proceedings of the evening. the people of this country have long been deprived of their just rights, and it is the duty of every man who loves his country to come forward and assist in the great cause of liberty and justice; the meeting was addressed at considerable length, and the resolutions were carried unanimously amid loud cheering, after which the company separated highly delighted with the proceedings of the evening. the people of this country have long been deprived of their just rights, and it is the duty of every man who loves his country to come forward and assist in the great cause of liberty and justice; the meeting was addressed at considerable length, and the resolutions were carried unanimously amid loud cheering, after which the company separated highly delighted with the proceedings of the evening.

Just published, in Demy 8vo.,

BY MESSRS. PERRY & CO., CONSULTING SURGEONS,

44, Albion Street, Leeds, (Private Entrance in the Passage,) and 4, Great Charles Street, Birmingham.

ILLUSTRATED BY EIGHT FINE ENGRAVINGS,

THE SILENT FRIEND,

A PRACTICAL TREATISE on Venereal and Syphilitic Diseases, in their mild and most alarming forms, shewing the different stages of those deplorable and often fatal disorders.

the people of this country have long been deprived of their just rights, and it is the duty of every man who loves his country to come forward and assist in the great cause of liberty and justice; the meeting was addressed at considerable length, and the resolutions were carried unanimously amid loud cheering, after which the company separated highly delighted with the proceedings of the evening. the people of this country have long been deprived of their just rights, and it is the duty of every man who loves his country to come forward and assist in the great cause of liberty and justice; the meeting was addressed at considerable length, and the resolutions were carried unanimously amid loud cheering, after which the company separated highly delighted with the proceedings of the evening. the people of this country have long been deprived of their just rights, and it is the duty of every man who loves his country to come forward and assist in the great cause of liberty and justice; the meeting was addressed at considerable length, and the resolutions were carried unanimously amid loud cheering, after which the company separated highly delighted with the proceedings of the evening. the people of this country have long been deprived of their just rights, and it is the duty of every man who loves his country to come forward and assist in the great cause of liberty and justice; the meeting was addressed at considerable length, and the resolutions were carried unanimously amid loud cheering, after which the company separated highly delighted with the proceedings of the evening. the people of this country have long been deprived of their just rights, and it is the duty of every man who loves his country to come forward and assist in the great cause of liberty and justice; the meeting was addressed at considerable length, and the resolutions were carried unanimously amid loud cheering, after which the company separated highly delighted with the proceedings of the evening. the people of this country have long been deprived of their just rights, and it is the duty of every man who loves his country to come forward and assist in the great cause of liberty and justice; the meeting was addressed at considerable length, and the resolutions were carried unanimously amid loud cheering, after which the company separated highly delighted with the proceedings of the evening. the people of this country have long been deprived of their just rights, and it is the duty of every man who loves his country to come forward and assist in the great cause of liberty and justice; the meeting was addressed at considerable length, and the resolutions were carried unanimously amid loud cheering, after which the company separated highly delighted with the proceedings of the evening. the people of this country have long been deprived of their just rights, and it is the duty of every man who loves his country to come forward and assist in the great cause of liberty and justice; the meeting was addressed at considerable length, and the resolutions were carried unanimously amid loud cheering, after which the company separated highly delighted with the proceedings of the evening. the people of this country have long been deprived of their just rights, and it is the duty of every man who loves his country to come forward and assist in the great cause of liberty and justice; the meeting was addressed at considerable length, and the resolutions were carried unanimously amid loud cheering, after which the company separated highly delighted with the proceedings of the evening. the people of this country have long been deprived of their just rights, and it is the duty of every man who loves his country to come forward and assist in the great cause of liberty and justice; the meeting was addressed at considerable length, and the resolutions were carried unanimously amid loud cheering, after which the company separated highly delighted with the proceedings of the evening. the people of this country have long been deprived of their just rights, and it is the duty of every man who loves his country to come forward and assist in the great cause of liberty and justice; the meeting was addressed at considerable length, and the resolutions were carried unanimously amid loud cheering, after which the company separated highly delighted with the proceedings of the evening. the people of this country have long been deprived of their just rights, and it is the duty of every man who loves his country to come forward and assist in the great cause of liberty and justice; the meeting was addressed at considerable length, and the resolutions were carried unanimously amid loud cheering, after which the company separated highly delighted with the proceedings of the evening. the people of this country have long been deprived of their just rights, and it is the duty of every man who loves his country to come forward and assist in the great cause of liberty and justice; the meeting was addressed at considerable length, and the resolutions were carried unanimously amid loud cheering, after which the company separated highly delighted with the proceedings of the evening. the people of this country have long been deprived of their just rights, and it is the duty of every man who loves his country to come forward and assist in the great cause of liberty and justice; the meeting was addressed at considerable length, and the resolutions were carried unanimously amid loud cheering, after which the company separated highly delighted with the proceedings of the evening.

PERRY'S PURIFYING SPECIFIC PILLS,

Price 2s. 9d., 4s. 6d., and 11s. per Box, are well known throughout Europe and America, to be the most certain and effectual cure ever discovered for every stage and symptom of the Venereal Disease.

the people of this country have long been deprived of their just rights, and it is the duty of every man who loves his country to come forward and assist in the great cause of liberty and justice; the meeting was addressed at considerable length, and the resolutions were carried unanimously amid loud cheering, after which the company separated highly delighted with the proceedings of the evening. the people of this country have long been deprived of their just rights, and it is the duty of every man who loves his country to come forward and assist in the great cause of liberty and justice; the meeting was addressed at considerable length, and the resolutions were carried unanimously amid loud cheering, after which the company separated highly delighted with the proceedings of the evening. the people of this country have long been deprived of their just rights, and it is the duty of every man who loves his country to come forward and assist in the great cause of liberty and justice; the meeting was addressed at considerable length, and the resolutions were carried unanimously amid loud cheering, after which the company separated highly delighted with the proceedings of the evening. the people of this country have long been deprived of their just rights, and it is the duty of every man who loves his country to come forward and assist in the great cause of liberty and justice; the meeting was addressed at considerable length, and the resolutions were carried unanimously amid loud cheering, after which the company separated highly delighted with the proceedings of the evening. the people of this country have long been deprived of their just rights, and it is the duty of every man who loves his country to come forward and assist in the great cause of liberty and justice; the meeting was addressed at considerable length, and the resolutions were carried unanimously amid loud cheering, after which the company separated highly delighted with the proceedings of the evening. the people of this country have long been deprived of their just rights, and it is the duty of every man who loves his country to come forward and assist in the great cause of liberty and justice; the meeting was addressed at considerable length, and the resolutions were carried unanimously amid loud cheering, after which the company separated highly delighted with the proceedings of the evening. the people of this country have long been deprived of their just rights, and it is the duty of every man who loves his country to come forward and assist in the great cause of liberty and justice; the meeting was addressed at considerable length, and the resolutions were carried unanimously amid loud cheering, after which the company separated highly delighted with the proceedings of the evening. the people of this country have long been deprived of their just rights, and it is the duty of every man who loves his country to come forward and assist in the great cause of liberty and justice; the meeting was addressed at considerable length, and the resolutions were carried unanimously amid loud cheering, after which the company separated highly delighted with the proceedings of the evening. the people of this country have long been deprived of their just rights, and it is the duty of every man who loves his country to come forward and assist in the great cause of liberty and justice; the meeting was addressed at considerable length, and the resolutions were carried unanimously amid loud cheering, after which the company separated highly delighted with the proceedings of the evening. the people of this country have long been deprived of their just rights, and it is the duty of every man who loves his country to come forward and assist in the great cause of liberty and justice; the meeting was addressed at considerable length, and the resolutions were carried unanimously amid loud cheering, after which the company separated highly delighted with the proceedings of the evening. the people of this country have long been deprived of their just rights, and it is the duty of every man who loves his country to come forward and assist in the great cause of liberty and justice; the meeting was addressed at considerable length, and the resolutions were carried unanimously amid loud cheering, after which the company separated highly delighted with the proceedings of the evening. the people of this country have long been deprived of their just rights, and it is the duty of every man who loves his country to come forward and assist in the great cause of liberty and justice; the meeting was addressed at considerable length, and the resolutions were carried unanimously amid loud cheering, after which the company separated highly delighted with the proceedings of the evening. the people of this country have long been deprived of their just rights, and it is the duty of every man who loves his country to come forward and assist in the great cause of liberty and justice; the meeting was addressed at considerable length, and the resolutions were carried unanimously amid loud cheering, after which the company separated highly delighted with the proceedings of the evening. the people of this country have long been deprived of their just rights, and it is the duty of every man who loves his country to come forward and assist in the great cause of liberty and justice; the meeting was addressed at considerable length, and the resolutions were carried unanimously amid loud cheering, after which the company separated highly delighted with the proceedings of the evening.

THE CORDIAL BALM OF SYRIACUM

is intended to relieve those persons, who, by an immoderate indulgence of their passions, have ruined their constitutions, or in their way to the consummation of that deplorable state, are affected with any of those previous symptoms that betray its approach.

the people of this country have long been deprived of their just rights, and it is the duty of every man who loves his country to come forward and assist in the great cause of liberty and justice; the meeting was addressed at considerable length, and the resolutions were carried unanimously amid loud cheering, after which the company separated highly delighted with the proceedings of the evening. the people of this country have long been deprived of their just rights, and it is the duty of every man who loves his country to come forward and assist in the great cause of liberty and justice; the meeting was addressed at considerable length, and the resolutions were carried unanimously amid loud cheering, after which the company separated highly delighted with the proceedings of the evening. the people of this country have long been deprived of their just rights, and it is the duty of every man who loves his country to come forward and assist in the great cause of liberty and justice; the meeting was addressed at considerable length, and the resolutions were carried unanimously amid loud cheering, after which the company separated highly delighted with the proceedings of the evening. the people of this country have long been deprived of their just rights, and it is the duty of every man who loves his country to come forward and assist in the great cause of liberty and justice; the meeting was addressed at considerable length, and the resolutions were carried unanimously amid loud cheering, after which the company separated highly delighted with the proceedings of the evening. the people of this country have long been deprived of their just rights, and it is the duty of every man who loves his country to come forward and assist in the great cause of liberty and justice; the meeting was addressed at considerable length, and the resolutions were carried unanimously amid loud cheering, after which the company separated highly delighted with the proceedings of the evening. the people of this country have long been deprived of their just rights, and it is the duty of every man who loves his country to come forward and assist in the great cause of liberty and justice; the meeting was addressed at considerable length, and the resolutions were carried unanimously amid loud cheering, after which the company separated highly delighted with the proceedings of the evening. the people of this country have long been deprived of their just rights, and it is the duty of every man who loves his country to come forward and assist in the great cause of liberty and justice; the meeting was addressed at considerable length, and the resolutions were carried unanimously amid loud cheering, after which the company separated highly delighted with the proceedings of the evening. the people of this country have long been deprived of their just rights, and it is the duty of every man who loves his country to come forward and assist in the great cause of liberty and justice; the meeting was addressed at considerable length, and the resolutions were carried unanimously amid loud cheering, after which the company separated highly delighted with the proceedings of the evening. the people of this country have long been deprived of their just rights, and it is the duty of every man who loves his country to come forward and assist in the great cause of liberty and justice; the meeting was addressed at considerable length, and the resolutions were carried unanimously amid loud cheering, after which the company separated highly delighted with the proceedings of the evening. the people of this country have long been deprived of their just rights, and it is the duty of every man who loves his country to come forward and assist in the great cause of liberty and justice; the meeting was addressed at considerable length, and the resolutions were carried unanimously amid loud cheering, after which the company separated highly delighted with the proceedings of the evening. the people of this country have long been deprived of their just rights, and it is the duty of every man who loves his country to come forward and assist in the great cause of liberty and justice; the meeting was addressed at considerable length, and the resolutions were carried unanimously amid loud cheering, after which the company separated highly delighted with the proceedings of the evening. the people of this country have long been deprived of their just rights, and it is the duty of every man who loves his country to come forward and assist in the great cause of liberty and justice; the meeting was addressed at considerable length, and the resolutions were carried unanimously amid loud cheering, after which the company separated highly delighted with the proceedings of the evening.

EVERY ONE who wishes to have a PEEP at the PEERS, must ask for RICHARDSON'S RED BOOK, Sixth Edition, Price Fourpence.

Just Published, a New Edition, in One Volume, price 10s. 6d. cloth,

A PEERAGE FOR THE PEOPLE; comprising a Biographical and Historical Sketch of every Member of the HOUSE OF PEERS, and an Account of the Places and Emoluments distributed amongst their Families.

"A useful and well-timed work, written in a broad and popular manner of Mr. Carpenter's Operation."

the people of this country have long been deprived of their just rights, and it is the duty of every man who loves his country to come forward and assist in the great cause of liberty and justice; the meeting was addressed at considerable length, and the resolutions were carried unanimously amid loud cheering, after which the company separated highly delighted with the proceedings of the evening. the people of this country have long been deprived of their just rights, and it is the duty of every man who loves his country to come forward and assist in the great cause of liberty and justice; the meeting was addressed at considerable length, and the resolutions were carried unanimously amid loud cheering, after which the company separated highly delighted with the proceedings of the evening. the people of this country have long been deprived of their just rights, and it is the duty of every man who loves his country to come forward and assist in the great cause of liberty and justice; the meeting was addressed at considerable length, and the resolutions were carried unanimously amid loud cheering, after which the company separated highly delighted with the proceedings of the evening. the people of this country have long been deprived of their just rights, and it is the duty of every man who loves his country to come forward and assist in the great cause of liberty and justice; the meeting was addressed at considerable length, and the resolutions were carried unanimously amid loud cheering, after which the company separated highly delighted with the proceedings of the evening.

London: W. Strange, 21, Paternoster-row, and all Booksellers.

BLAIR'S GOUT AND RHEUMATIC PILLS.

To Mr. Prout, 229, Strand, London. Dartford, Jan. 2, 1841.

SIR,—I have much pleasure in stating to you the benefit I have derived from Blair's Gout and Rheumatic Pills. I suffered intensely for many years from gout.

the people of this country have long been deprived of their just rights, and it is the duty of every man who loves his country to come forward and assist in the great cause of liberty and justice; the meeting was addressed at considerable length, and the resolutions were carried unanimously amid loud cheering, after which the company separated highly delighted with the proceedings of the evening. the people of this country have long been deprived of their just rights, and it is the duty of every man who loves his country to come forward and assist in the great cause of liberty and justice; the meeting was addressed at considerable length, and the resolutions were carried unanimously amid loud cheering, after which the company separated highly delighted with the proceedings of the evening. the people of this country have long been deprived of their just rights, and it is the duty of every man who loves his country to come forward and assist in the great cause of liberty and justice; the meeting was addressed at considerable length, and the resolutions were carried unanimously amid loud cheering, after which the company separated highly delighted with the proceedings of the evening. the people of this country have long been deprived of their just rights, and it is the duty of every man who loves his country to come forward and assist in the great cause of liberty and justice; the meeting was addressed at considerable length, and the resolutions were carried unanimously amid loud cheering, after which the company separated highly delighted with the proceedings of the evening. the people of this country have long been deprived of their just rights, and it is the duty of every man who loves his country to come forward and assist in the great cause of liberty and justice; the meeting was addressed at considerable length, and the resolutions were carried unanimously amid loud cheering, after which the company separated highly delighted with the proceedings of the evening. the people of this country have long been deprived of their just rights, and it is the duty of every man who loves his country to come forward and assist in the great cause of liberty and justice; the meeting was addressed at considerable length, and the resolutions were carried unanimously amid loud cheering, after which the company separated highly delighted with the proceedings of the evening. the people of this country have long been deprived of their just rights, and it is the duty of every man who loves his country to come forward and assist in the great cause of liberty and justice; the meeting was addressed at considerable length, and the resolutions were carried unanimously amid loud cheering, after which the company separated highly delighted with the proceedings of the evening. the people of this country have long been deprived of their just rights, and it is the duty of every man who loves his country to come forward and assist in the great cause of liberty and justice; the meeting was addressed at considerable length, and the resolutions were carried unanimously amid loud cheering, after which the company separated highly delighted with the proceedings of the evening.

I am, Sir, your's respectfully, J. B. MISKIN, Brewer and maltster, Dartford, Kent.

the people of this country have long been deprived of their just rights, and it is the duty of every man who loves his country to come forward and assist in the great cause of liberty and justice; the meeting was addressed at considerable length, and the resolutions were carried unanimously amid loud cheering, after which the company separated highly delighted with the proceedings of the evening. the people of this country have long been deprived of their just rights, and it is the duty of every man who loves his country to come forward and assist in the great cause of liberty and justice; the meeting was addressed at considerable length, and the resolutions were carried unanimously amid loud cheering, after which the company separated highly delighted with the proceedings of the evening. the people of this country have long been deprived of their just rights, and it is the duty of every man who loves his country to come forward and assist in the great cause of liberty and justice; the meeting was addressed at considerable length, and the resolutions were carried unanimously amid loud cheering, after which the company separated highly delighted with the proceedings of the evening. the people of this country have long been deprived of their just rights, and it is the duty of every man who loves his country to come forward and assist in the great cause of liberty and justice; the meeting was addressed at considerable length, and the resolutions were carried unanimously amid loud cheering, after which the company separated highly delighted with the proceedings of the evening. the people of this country have long been deprived of their just rights, and it is the duty of every man who loves his country to come forward and assist in the great cause of liberty and justice; the meeting was addressed at considerable length, and the resolutions were carried unanimously amid loud cheering, after which the company separated highly delighted with the proceedings of the evening. the people of this country have long been deprived of their just rights, and it is the duty of every man who loves his country to come forward and assist in the great cause of liberty and justice; the meeting was addressed at considerable length, and the resolutions were carried unanimously amid loud cheering, after which the company separated highly delighted with the proceedings of the evening. the people of this country have long been deprived of their just rights, and it is the duty of every man who loves his country to come forward and assist in the great cause of liberty and justice; the meeting was addressed at considerable length, and the resolutions were carried unanimously amid loud cheering, after which the company separated highly delighted with the proceedings of the evening. the people of this country have long been deprived of their just rights, and it is the duty of every man who loves his country to come forward and assist in the great cause of liberty and justice; the meeting was addressed at considerable length, and the resolutions were carried unanimously amid loud cheering, after which the company separated highly delighted with the proceedings of the evening.

Sold by T. Prout, 229, Strand, London, Price 1s. 1½d. per box, and by his appointment, by Heaton, Hay, Allen, Land, Clarke, Smith, Bell, Townsend, Baines and Newsome, Leeds.

the people of this country have long been deprived of their just rights, and it is the duty of every man who loves his country to come forward and assist in the great cause of liberty and justice; the meeting was addressed at considerable length, and the resolutions were carried unanimously amid loud cheering, after which the company separated highly delighted with the proceedings of the evening. the people of this country have long been deprived of their just rights, and it is the duty of every man who loves his country to come forward and assist in the great cause of liberty and justice; the meeting was addressed at considerable length, and the resolutions were carried unanimously amid loud cheering, after which the company separated highly delighted with the proceedings of the evening. the people of this country have long been deprived of their just rights, and it is the duty of every man who loves his country to come forward and assist in the great cause of liberty and justice; the meeting was addressed at considerable length, and the resolutions were carried unanimously amid loud cheering, after which the company separated highly delighted with the proceedings of the evening. the people of this country have long been deprived of their just rights, and it is the duty of every man who loves his country to come forward and assist in the great cause of liberty and justice; the meeting was addressed at considerable length, and the resolutions were carried unanimously amid loud cheering, after which the company separated highly delighted with the proceedings of the evening.

MEDICAL ADVICE.
MESSRS. WILKINSON AND CO., SURGEONS,

No. 13, Trafalgar-street, Leeds, and 34, Prince Edward-street, Fox-street, Liverpool.

HAVING devoted their Studies exclusively to the treatment of the Venereal Disease, in all its various forms.

the people of this country have long been deprived of their just rights, and it is the duty of every man who loves his country to come forward and assist in the great cause of liberty and justice; the meeting was addressed at considerable length, and the resolutions were carried unanimously amid loud cheering, after which the company separated highly delighted with the proceedings of the evening. the people of this country have long been deprived of their just rights, and it is the duty of every man who loves his country to come forward and assist in the great cause of liberty and justice; the meeting was addressed at considerable length, and the resolutions were carried unanimously amid loud cheering, after which the company separated highly delighted with the proceedings of the evening. the people of this country have long been deprived of their just rights, and it is the duty of every man who loves his country to come forward and assist in the great cause of liberty and justice; the meeting was addressed at considerable length, and the resolutions were carried unanimously amid loud cheering, after which the company separated highly delighted with the proceedings of the evening. the people of this country have long been deprived of their just rights, and it is the duty of every man who loves his country to come forward and assist in the great cause of liberty and justice; the meeting was addressed at considerable length, and the resolutions were carried unanimously amid loud cheering, after which the company separated highly delighted with the proceedings of the evening.

Attendance every Thursday at No. 4, George street, Bradford (from Ten till Five).

the people of this country have long been deprived of their just rights, and it is the duty of every man who loves his country to come forward and assist in the great cause of liberty and justice; the meeting was addressed at considerable length, and the resolutions were carried unanimously amid loud cheering, after which the company separated highly delighted with the proceedings of the evening. the people of this country have long been deprived of their just rights, and it is the duty of every man who loves his country to come forward and assist in the great cause of liberty and justice; the meeting was addressed at considerable length, and the resolutions were carried unanimously amid loud cheering, after which the company separated highly delighted with the proceedings of the evening. the people of this country have long been deprived of their just rights, and it is the duty of every man who loves his country to come forward and assist in the great cause of liberty and justice; the meeting was addressed at considerable length, and the resolutions were carried unanimously amid loud cheering, after which the company separated highly delighted with the proceedings of the evening. the people of this country have long been deprived of their just rights, and it is the duty of every man who loves his country to come forward and assist in the great cause of liberty and justice; the meeting was addressed at considerable length, and the resolutions were carried unanimously amid loud cheering, after which the company separated highly delighted with the proceedings of the evening. the people of this country have long been deprived of their just rights, and it is the duty of every man who loves his country to come forward and assist in the great cause of liberty and justice; the meeting was addressed at considerable length, and the resolutions were carried unanimously amid loud cheering, after which the company separated highly delighted with the proceedings of the evening. the people of this country have long been deprived of their just rights, and it is the duty of every man who loves his country to come forward and assist in the great cause of liberty and justice; the meeting was addressed at considerable length, and the resolutions were carried unanimously amid loud cheering, after which the company separated highly delighted with the proceedings of the evening. the people of this country have long been deprived of their just rights, and it is the duty of every man who loves his country to come forward and assist in the great cause of liberty and justice; the meeting was addressed at considerable length, and the resolutions were carried unanimously amid loud cheering, after which the company separated highly delighted with the proceedings of the evening. the people of this country have long been deprived of their just rights, and it is the duty of every man who loves his country to come forward and assist in the great cause of liberty and justice; the meeting was addressed at considerable length, and the resolutions were carried unanimously amid loud cheering, after which the company separated highly delighted with the proceedings of the evening. the people of this country have long been deprived of their just rights, and it is the duty of every man who loves his country to come forward and assist in the great cause of liberty and justice; the meeting was addressed at considerable length, and the resolutions were carried unanimously amid loud cheering, after which the company separated highly delighted with the proceedings of the evening. the people of this country have long been deprived of their just rights, and it is the duty of every man who loves his country to come forward and assist in the great cause of liberty and justice; the meeting was addressed at considerable length, and the resolutions were carried unanimously amid loud cheering, after which the company separated highly delighted with the proceedings of the evening.

Messrs. W. and Co.'s invariable rule is to give a Card to each of their patients, as a guarantee for Cure.

the people of this country have long been deprived of their just rights, and it is the duty of every man who loves his country to come forward and assist in the great cause of liberty and justice; the meeting was addressed at considerable length, and the resolutions were carried unanimously amid loud cheering, after which the company separated highly delighted with the proceedings of the evening. the people of this country have long been deprived of their just rights, and it is the duty of every man who loves his country to come forward and assist in the great cause of liberty and justice; the meeting was addressed at considerable length, and the resolutions were carried unanimously amid loud cheering, after which the company separated highly delighted with the proceedings of the evening.

Mr. Heaton, 7, Briggate; and Mr. Hobson, Times Office, Leeds.

the people of this country have long been deprived of their just rights, and it is the duty of every man who loves his country to come forward and assist in the great cause of liberty and justice; the meeting was addressed at considerable length, and the resolutions were carried unanimously amid loud cheering, after which the company separated highly delighted with the proceedings of the evening. the people of this country have long been deprived of their just rights, and it is the duty of every man who loves his country to come forward and assist in the great cause of liberty and justice; the meeting was addressed at considerable length, and the resolutions were carried unanimously amid loud cheering, after which the company separated highly delighted with the proceedings of the evening.

Chronicle Office, Lord Street, Liverpool.

And at the Advertiser Office, Lowgate, Hull.
